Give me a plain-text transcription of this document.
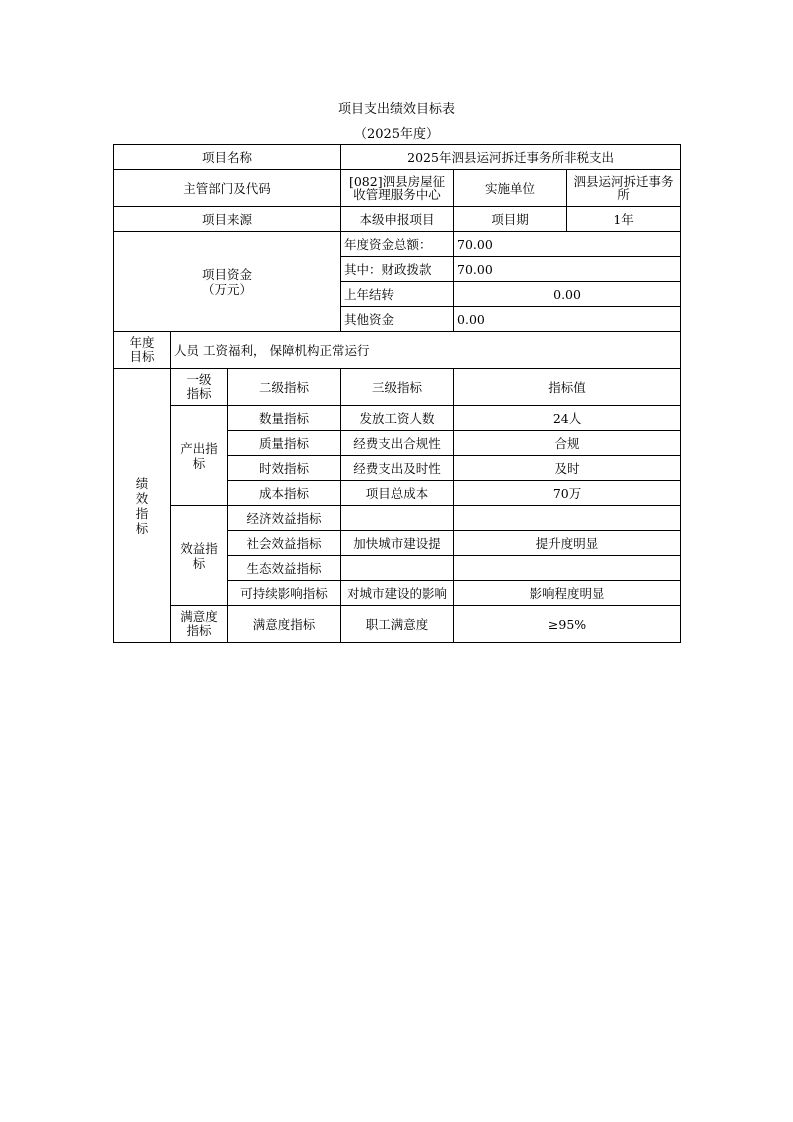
项目支出绩效目标表
（2025年度）
项目名称			2025年泗县运河拆迁事务所非税支出		
主管部门及代码			[082]泗县房屋征收管理服务中心	实施单位	泗县运河拆迁事务所
项目来源			本级申报项目	项目期	1年

项目资金（万元）			年度资金总额：	70.00	
			其中：财政拨款	70.00	
			上年结转	0.00	
			其他资金	0.00	

年度目标	人员 工资福利， 保障机构正常运行				
绩效指标	一级指标	二级指标	三级指标	指标值	

	产出指标	数量指标	发放工资人数	24人	
		质量指标	经费支出合规性	合规	
		时效指标	经费支出及时性	及时	
		成本指标	项目总成本	70万	

	效益指标	经济效益指标			
		社会效益指标	加快城市建设提	提升度明显	
		生态效益指标			
		可持续影响指标	对城市建设的影响	影响程度明显	

	满意度指标	满意度指标	职工满意度	≥95%	
